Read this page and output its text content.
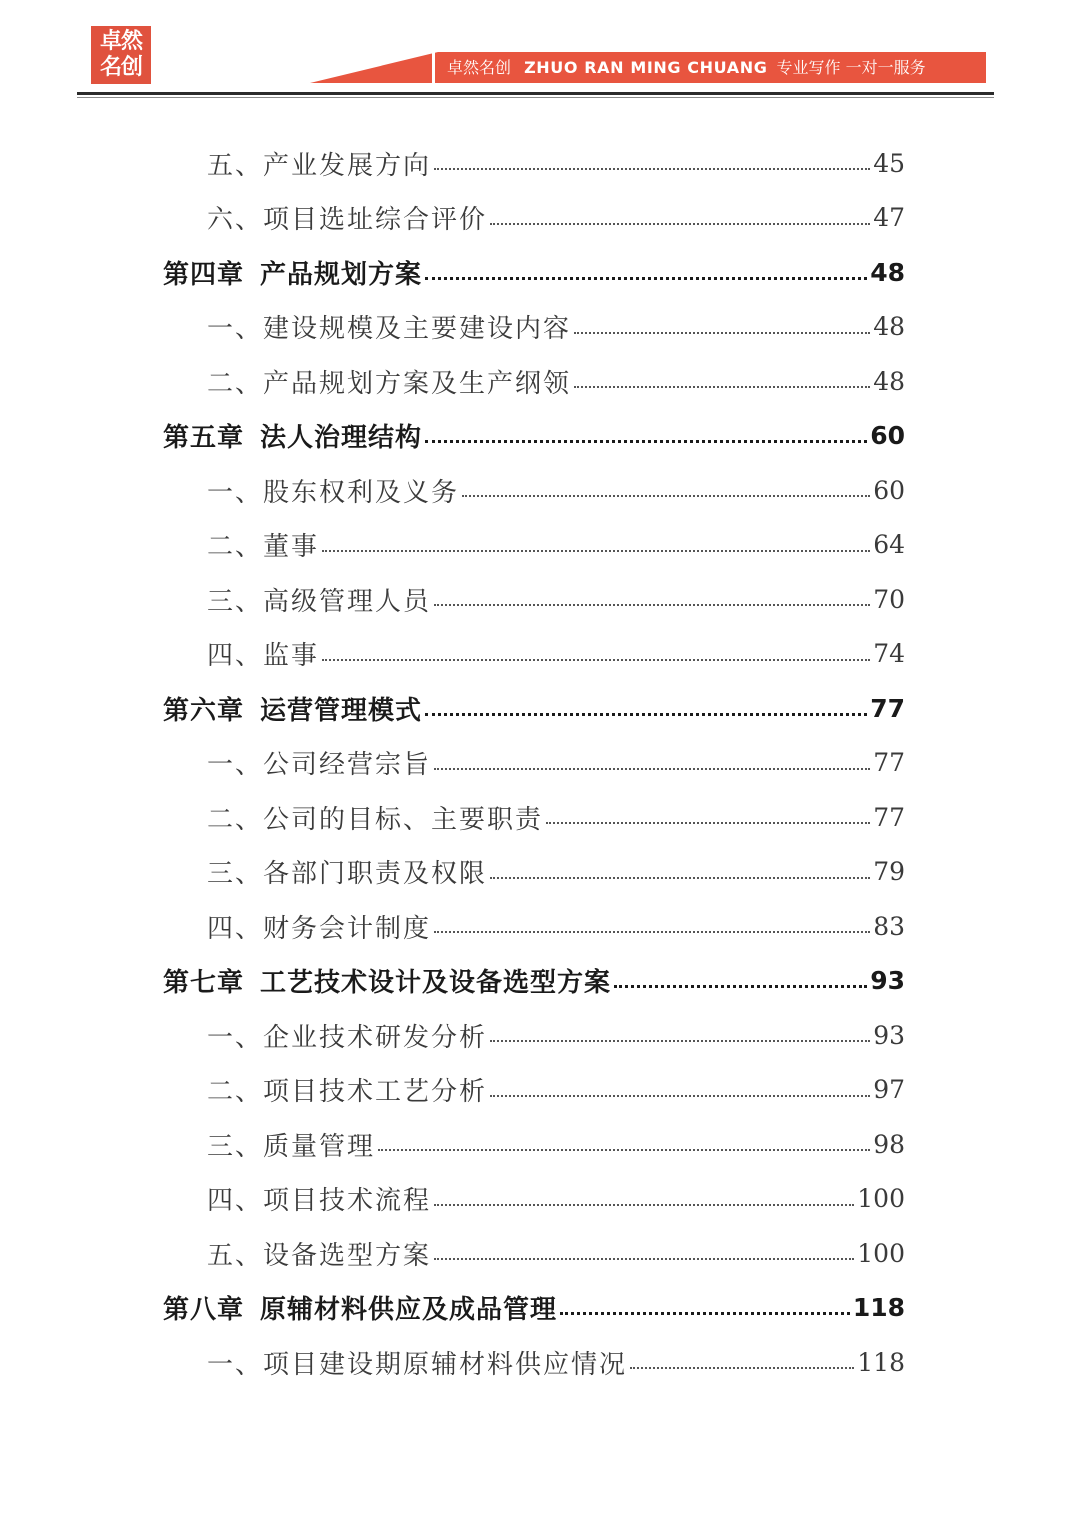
卓然
名创	卓然名创 ZHUO RAN MING CHUANG 专业写作 一对一服务
五、产业发展方向	45
六、项目选址综合评价	47
第四章 产品规划方案	48
一、建设规模及主要建设内容	48
二、产品规划方案及生产纲领	48
第五章 法人治理结构	60
一、股东权利及义务	60
二、董事	64
三、高级管理人员	70
四、监事	74
第六章 运营管理模式	77
一、公司经营宗旨	77
二、公司的目标、主要职责	77
三、各部门职责及权限	79
四、财务会计制度	83
第七章 工艺技术设计及设备选型方案	93
一、企业技术研发分析	93
二、项目技术工艺分析	97
三、质量管理	98
四、项目技术流程	100
五、设备选型方案	100
第八章 原辅材料供应及成品管理	118
一、项目建设期原辅材料供应情况	118
